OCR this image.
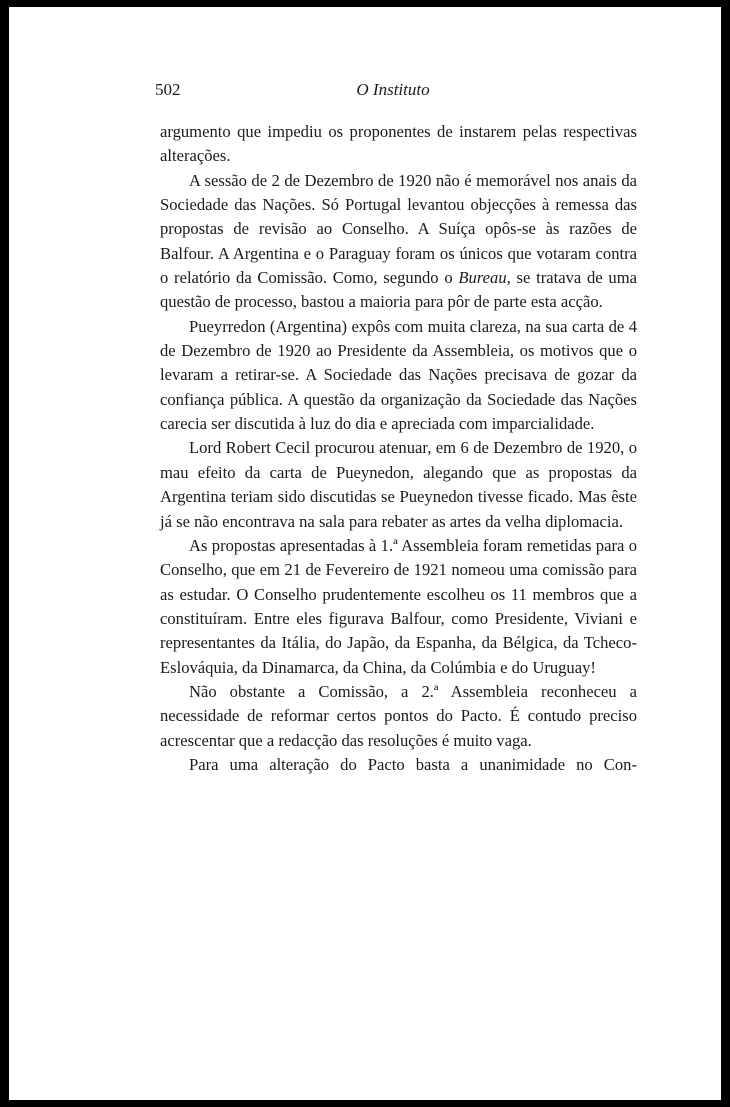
502	O Instituto

argumento que impediu os proponentes de instarem pelas respectivas alterações.

A sessão de 2 de Dezembro de 1920 não é memorável nos anais da Sociedade das Nações. Só Portugal levantou objecções à remessa das propostas de revisão ao Conselho. A Suíça opôs-se às razões de Balfour. A Argentina e o Paraguay foram os únicos que votaram contra o relatório da Comissão. Como, segundo o Bureau, se tratava de uma questão de processo, bastou a maioria para pôr de parte esta acção.

Pueyrredon (Argentina) expôs com muita clareza, na sua carta de 4 de Dezembro de 1920 ao Presidente da Assembleia, os motivos que o levaram a retirar-se. A Sociedade das Nações precisava de gozar da confiança pública. A questão da organização da Sociedade das Nações carecia ser discutida à luz do dia e apreciada com imparcialidade.

Lord Robert Cecil procurou atenuar, em 6 de Dezembro de 1920, o mau efeito da carta de Pueynedon, alegando que as propostas da Argentina teriam sido discutidas se Pueynedon tivesse ficado. Mas êste já se não encontrava na sala para rebater as artes da velha diplomacia.

As propostas apresentadas à 1.ª Assembleia foram remetidas para o Conselho, que em 21 de Fevereiro de 1921 nomeou uma comissão para as estudar. O Conselho prudentemente escolheu os 11 membros que a constituíram. Entre eles figurava Balfour, como Presidente, Viviani e representantes da Itália, do Japão, da Espanha, da Bélgica, da Tcheco-Eslováquia, da Dinamarca, da China, da Colúmbia e do Uruguay!

Não obstante a Comissão, a 2.ª Assembleia reconheceu a necessidade de reformar certos pontos do Pacto. É contudo preciso acrescentar que a redacção das resoluções é muito vaga.

Para uma alteração do Pacto basta a unanimidade no Con-
